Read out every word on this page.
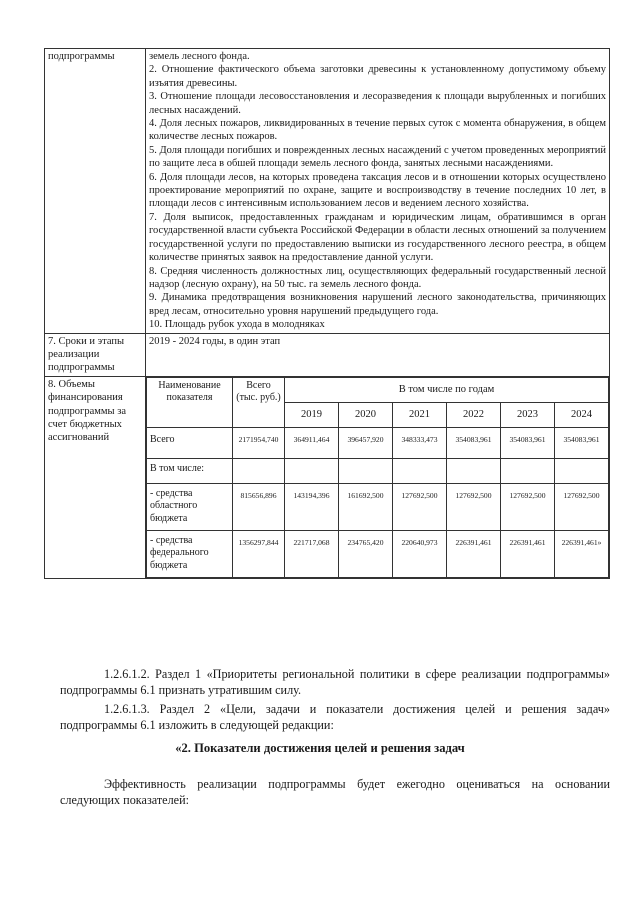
подпрограммы	земель лесного фонда.

2. Отношение фактического объема заготовки древесины к установленному допустимому объему изъятия древесины.

3. Отношение площади лесовосстановления и лесоразведения к площади вырубленных и погибших лесных насаждений.

4. Доля лесных пожаров, ликвидированных в течение первых суток с момента обнаружения, в общем количестве лесных пожаров.

5. Доля площади погибших и поврежденных лесных насаждений с учетом проведенных мероприятий по защите леса в обшей площади земель лесного фонда, занятых лесными насаждениями.

6. Доля площади лесов, на которых проведена таксация лесов и в отношении которых осуществлено проектирование мероприятий по охране, защите и воспроизводству в течение последних 10 лет, в площади лесов с интенсивным использованием лесов и ведением лесного хозяйства.

7. Доля выписок, предоставленных гражданам и юридическим лицам, обратившимся в орган государственной власти субъекта Российской Федерации в области лесных отношений за получением государственной услуги по предоставлению выписки из государственного лесного реестра, в общем количестве принятых заявок на предоставление данной услуги.

8. Средняя численность должностных лиц, осуществляющих федеральный государственный лесной надзор (лесную охрану), на 50 тыс. га земель лесного фонда.

9. Динамика предотвращения возникновения нарушений лесного законодательства, причиняющих вред лесам, относительно уровня нарушений предыдущего года.

10. Площадь рубок ухода в молодняках

7. Сроки и этапы реализации подпрограммы	2019 - 2024 годы, в один этап
8. Объемы финансирования подпрограммы за счет бюджетных ассигнований	
Наименование показателя	Всего (тыс. руб.)	В том числе по годам
2019	2020	2021	2022	2023	2024
Всего	2171954,740	364911,464	396457,920	348333,473	354083,961	354083,961	354083,961
В том числе:							
- средства областного бюджета	815656,896	143194,396	161692,500	127692,500	127692,500	127692,500	127692,500
- средства федерального бюджета	1356297,844	221717,068	234765,420	220640,973	226391,461	226391,461	226391,461»

1.2.6.1.2. Раздел 1 «Приоритеты региональной политики в сфере реализации подпрограммы» подпрограммы 6.1 признать утратившим силу.

1.2.6.1.3. Раздел 2 «Цели, задачи и показатели достижения целей и решения задач» подпрограммы 6.1 изложить в следующей редакции:

«2. Показатели достижения целей и решения задач

Эффективность реализации подпрограммы будет ежегодно оцениваться на основании следующих показателей:
